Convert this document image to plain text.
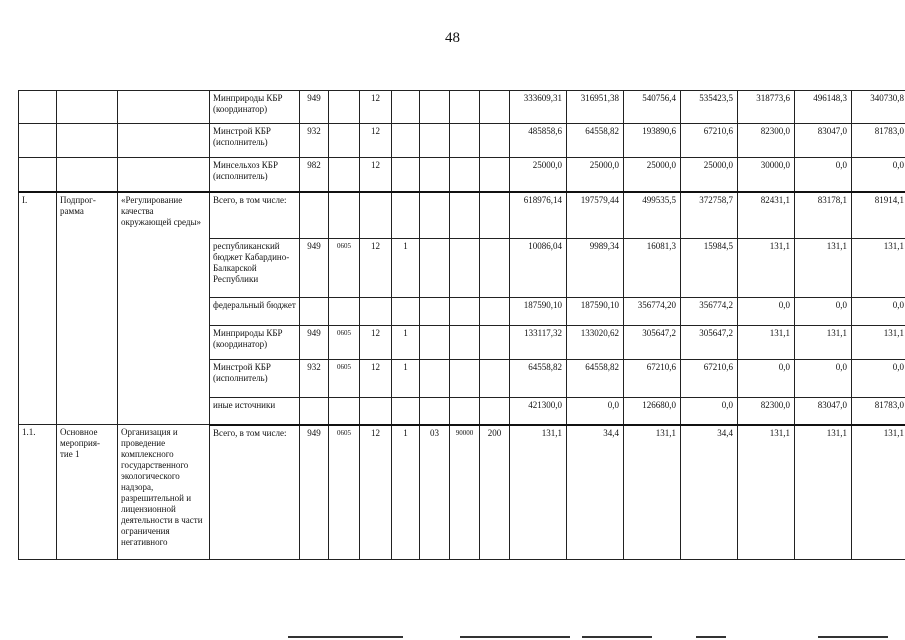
48
			Минприроды КБР (координатор)	949		12					333609,31	316951,38	540756,4	535423,5	318773,6	496148,3	340730,8
			Минстрой КБР (исполнитель)	932		12					485858,6	64558,82	193890,6	67210,6	82300,0	83047,0	81783,0
			Минсельхоз КБР (исполнитель)	982		12					25000,0	25000,0	25000,0	25000,0	30000,0	0,0	0,0
I.	Подпрог- рамма	«Регулирование качества окружающей среды»	Всего, в том числе:								618976,14	197579,44	499535,5	372758,7	82431,1	83178,1	81914,1
			республиканский бюджет Кабардино-Балкарской Республики	949	0605	12	1				10086,04	9989,34	16081,3	15984,5	131,1	131,1	131,1
			федеральный бюджет								187590,10	187590,10	356774,20	356774,2	0,0	0,0	0,0
			Минприроды КБР (координатор)	949	0605	12	1				133117,32	133020,62	305647,2	305647,2	131,1	131,1	131,1
			Минстрой КБР (исполнитель)	932	0605	12	1				64558,82	64558,82	67210,6	67210,6	0,0	0,0	0,0
			иные источники								421300,0	0,0	126680,0	0,0	82300,0	83047,0	81783,0
1.1.	Основное мероприя- тие 1	Организация и проведение комплексного государственного экологического надзора, разрешительной и лицензионной деятельности в части ограничения негативного	Всего, в том числе:	949	0605	12	1	03	90000	200	131,1	34,4	131,1	34,4	131,1	131,1	131,1
